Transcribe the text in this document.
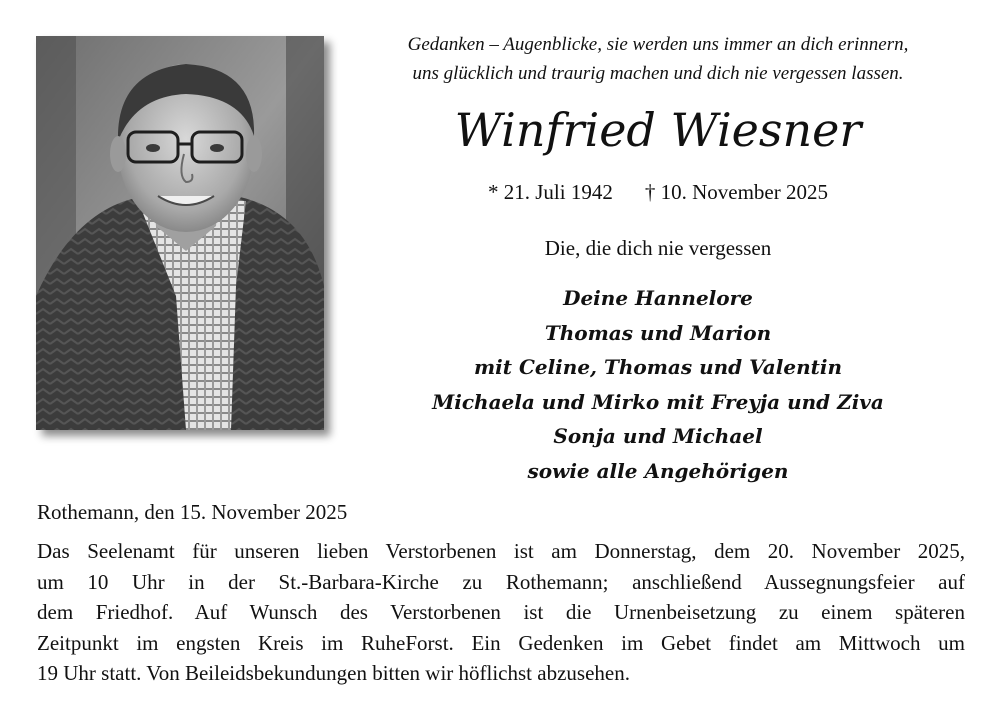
Gedanken – Augenblicke, sie werden uns immer an dich erinnern,
uns glücklich und traurig machen und dich nie vergessen lassen.
Winfried Wiesner
* 21. Juli 1942 † 10. November 2025
Die, die dich nie vergessen
Deine Hannelore
Thomas und Marion
mit Celine, Thomas und Valentin
Michaela und Mirko mit Freyja und Ziva
Sonja und Michael
sowie alle Angehörigen
Rothemann, den 15. November 2025
Das Seelenamt für unseren lieben Verstorbenen ist am Donnerstag, dem 20. November 2025,
um 10 Uhr in der St.-Barbara-Kirche zu Rothemann; anschließend Aussegnungsfeier auf
dem Friedhof. Auf Wunsch des Verstorbenen ist die Urnenbeisetzung zu einem späteren
Zeitpunkt im engsten Kreis im RuheForst. Ein Gedenken im Gebet findet am Mittwoch um
19 Uhr statt. Von Beileidsbekundungen bitten wir höflichst abzusehen.
